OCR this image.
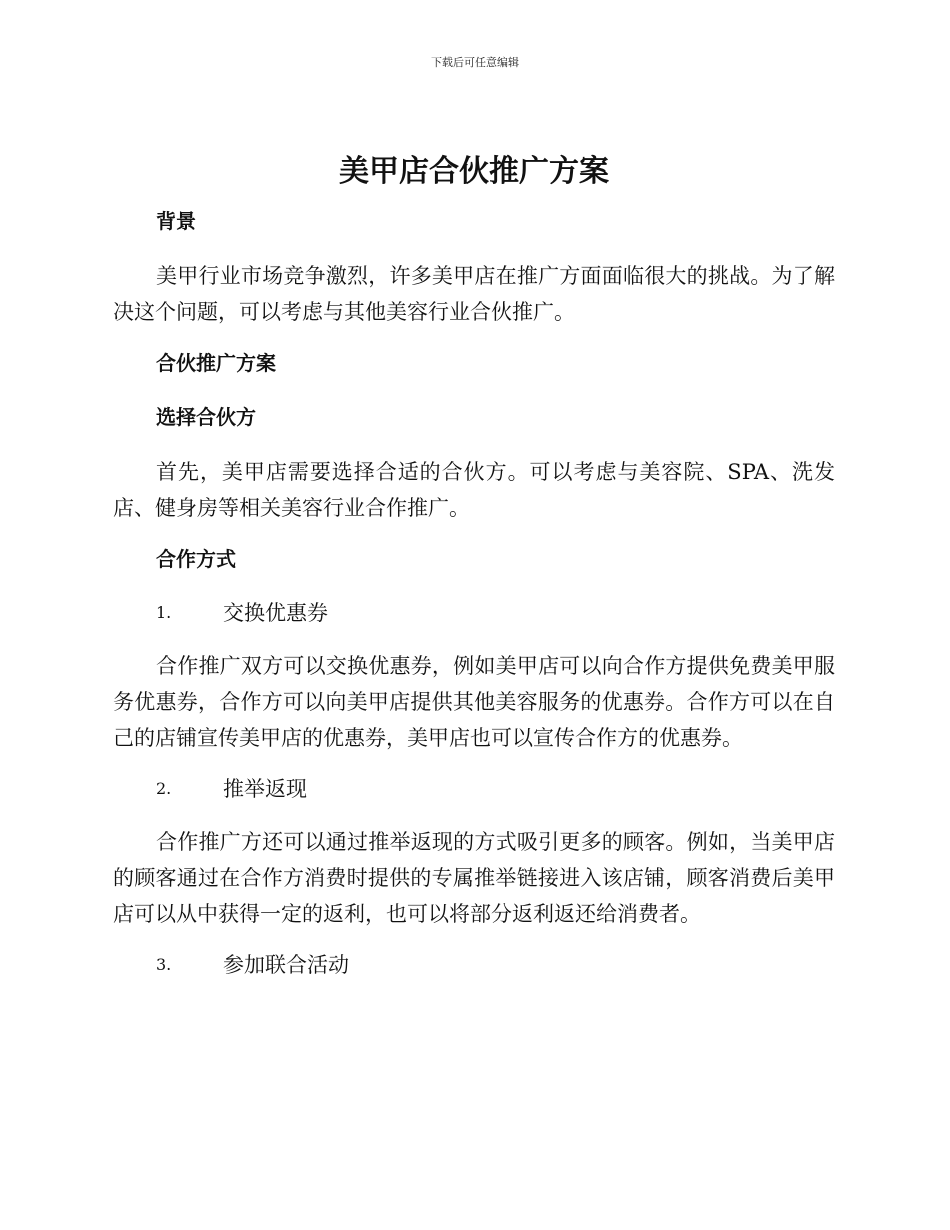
下载后可任意编辑
美甲店合伙推广方案
背景

美甲行业市场竞争激烈，许多美甲店在推广方面面临很大的挑战。为了解决这个问题，可以考虑与其他美容行业合伙推广。

合伙推广方案
选择合伙方

首先，美甲店需要选择合适的合伙方。可以考虑与美容院、SPA、洗发店、健身房等相关美容行业合作推广。

合作方式
1.	交换优惠券

合作推广双方可以交换优惠券，例如美甲店可以向合作方提供免费美甲服务优惠券，合作方可以向美甲店提供其他美容服务的优惠券。合作方可以在自己的店铺宣传美甲店的优惠券，美甲店也可以宣传合作方的优惠券。

2.	推举返现

合作推广方还可以通过推举返现的方式吸引更多的顾客。例如，当美甲店的顾客通过在合作方消费时提供的专属推举链接进入该店铺，顾客消费后美甲店可以从中获得一定的返利，也可以将部分返利返还给消费者。

3.	参加联合活动
